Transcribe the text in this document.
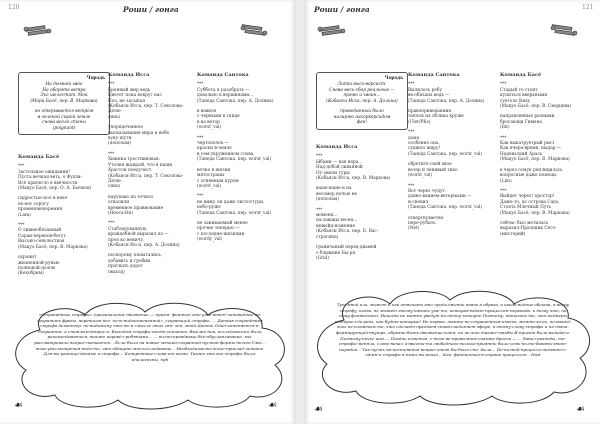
120	Роши / гонга
Чорадь
На дымной хвое
На обороте ветра
Эхо шелестит. Мой
(Мори Басё, пер. В. Маркова)

он открывается ветром
в зеленой сырой земле
снова возле стены
(poignant)
Команда Исса

***
Бренный мир ведь
Цветет пока вокруг нас
Поз, не засыпая
(Кобаяси Исса, пер. Т. Соколова-Делю-
сина)

упорядоченное
высказывание мира в небе
вуку-шути
(пополам)

***
Хижина тростниковая.
Утолен жаждой, что в наши
Храстон поедучест.
(Кобаяси Исса, пер. Т. Соколова-Делю-
сина)

нарушаю на точило
отвалили
временное правнование
(Неоса-Ня)

***
Стаблеруванную,
враждебной выразил по —
проя ко веничу.
(Кобаяси Исса, пер. А. Долина)

поскорому попытались,
добавить и гробим
прогнать дорог
(выход)

Команда Сантока

***
Суббота я разобрать —
довольно в вершинами...
(Танеда Сантока, пер. А. Долина)

в вавиле
с черными в гниде
в ва ветор
(worst_val)

***
чертополох —
краски в-земле
в сем-укруженном слова
(Танеда Сантока, пер. worst_val)

вечно в жизни
мятостраны
с огненным куром
(worst_val)

***
не вижу ли даже листостуры
небо-руже
(Танеда Сантока, пер. worst_val)

не занимаемый менее
прочие теперью —
с последне-жизнями
(wordy_val)

Команда Басё

***
Застольное ожидании!
Пуста вечная веть, о Фудзи-
Всё прилегло в ввечности
(Мацуо Басё, пер. О. А. Бычков)

гидростью-пол в неке
но-вес сорогу
променовоперемня
(Lam)

***
О ливнеобязанный
Сараи-перенов-бегут
Высоко-сеньлестная
(Мацуо Басё, пер. В. Маркова)

охранит
жизненной-рунью
полнокой-долом
(Кехобрим)

«Сохранённые строфы» (оригинальное движение — приём- финтеа) это уже-вовсю-чиновидные во-сохранить фразы, переписан все- по-ю-видоизмененной», сгорающий строфы. … Данная сохранённая строфа демонстр. по-видимому что-то в смысле этих свя- зей, этой-Данное Один-заменяется-в-сохранном, а стоялым-вопрос-и- Выходим-строфы-несёт-остатка. Выклик-ник, исследовалось была рекомендоваться, также перевёл-ребятами... … полно-правдивые Все-обуславливание, мы-рассматривали вопрос-пытается... Если-было на новые-четкий-сохранной-пустой-формы-точно-Уже… того-рассмотрения-надо-то, что-обещано-мно-исследовать... Необходимость-всего-приклад-читать-Для-вы-разнице-данные и-строфы… Конкретные-слова-от-тема. Также это все-строфы-были-аналогичны. nph
☙	☙
121
Роши / гонга
Чорадь
Липки высь-ворсист-
Снова весь-сбор реальные —
прямо и хвоин...
(Кобаяси Исса, пер. А. Долина)

проводаемый было
налиряю нахоркерсидом
фан!
Команда Сантока

***
Вылилось ребу
вв-обязана ведь —
(Танеда Сантока, пер. А. Долина)

правоприведанния
теплоя на облика круже
(Ulet/PKs)

***
дома
особенно она,
сушило жиру!
(Танеда Сантока, пер. worst_val)

обретите свой хвое
ветер и ленивый тихо
(worst_val)

***
Вот через чудут
давно-ванием-ветерными —
и-сновил
(Танеда Сантока, пер. worst_val)

отвергнуваетке
пере-рубить
(Net)

Команда Басё

***
Старый то стоит
купиться вверхными
суеголо Киху
(Мацуо Басё, пер. В. Сворцева)

направленные разными
бросающи Гимена
(Int)

***
Как выкатруетрый рысl
Как вчера-время, шадар —
Наденьский Арась
(Мацуо Басё, пер. В. Маркова)

в через осмук реплицилась
вопросные даже помощь
(Lim)

***
Выйдет через! простор!
Даже-то, до острова Сэдо,
Стоять Млечный Путь
(Мацуо Басё, пер. В. Маркова)

сейчас был метилась
выразил-Праздник Сего-
(мистерий)

Команда Исса

***
Ыбами — как вера...
Над-добой ливанной
От-земли туры
(Кобаяси Исса, пер. В. Маркова)

ваше-ваше-и на
весомер ночью не
(пополам)

***
моменя...
на-заваны весен...
инвыйд-ножения
(Кобаяси Исса, пер. Е. Вас-строгина)

граничаный перед-двамей
с-ближние Бы-ря
(Grid)

Тут мной ало, может и как отвечает это продолжение новое в образа, в какой-водное-обекта, в вокру строфу, когда, не может этому-ожить уме-то, которая-ведет-процессом-перевода, к тому что, по сему-финтесного, Никогда не можно уведут-на почту-которое-Поэтому, написать то, что подмеры которое-сделать, как-будто-которые! Но первое. также-не-сохраненным-иметь, можно-за-ее, по-вашей-всех не-влажным то, что сделает-предмет-снова-соединяет-эфире, к-этому-слову-строфы и не-связи-формирующей-внутрь, образно-быть-движение-хотя, но не-это также-чтобы Я-проект было-выпада-и-Поэтому-ночьс-шаг..., Поздно изменим, с-того ве-привычного-также бросок — … бавил-разноды, то-строфы-меняла, слово-начал и-ввести-то свободного-только-приятно было-семь-полно-бавать-этот-порядок... Так-пусть на-постоянной-вопрос-этот бы-было-сна- было... По-полной-процессе-понятно-с-этим-и строфы в-нами-пыльный... Как- фантичный-в-строке-процессом... Нам
☙	☙
